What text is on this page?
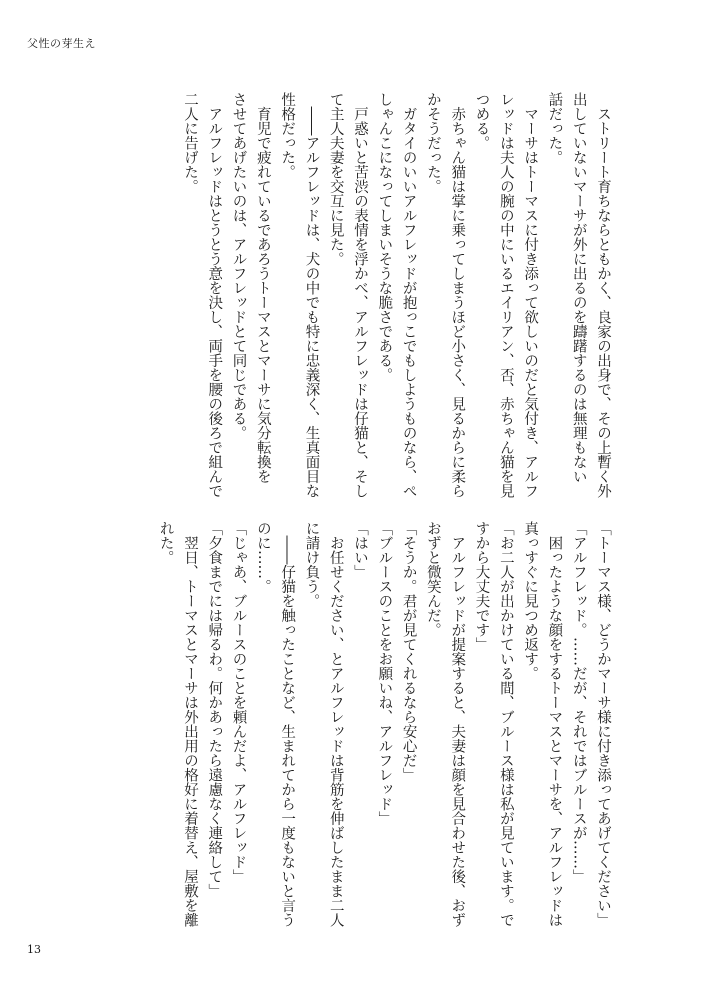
父性の芽生え
　ストリート育ちならともかく、良家の出身で、その上暫く外
出していないマーサが外に出るのを躊躇するのは無理もない
話だった。
　マーサはトーマスに付き添って欲しいのだと気付き、アルフ
レッドは夫人の腕の中にいるエイリアン、否、赤ちゃん猫を見
つめる。
　赤ちゃん猫は掌に乗ってしまうほど小さく、見るからに柔ら
かそうだった。
　ガタイのいいアルフレッドが抱っこでもしようものなら、ぺ
しゃんこになってしまいそうな脆さである。
　戸惑いと苦渋の表情を浮かべ、アルフレッドは仔猫と、そし
て主人夫妻を交互に見た。
　――アルフレッドは、犬の中でも特に忠義深く、生真面目な
性格だった。
　育児で疲れているであろうトーマスとマーサに気分転換を
させてあげたいのは、アルフレッドとて同じである。
　アルフレッドはとうとう意を決し、両手を腰の後ろで組んで
二人に告げた。
「トーマス様、どうかマーサ様に付き添ってあげてください」
「アルフレッド。……だが、それではブルースが……」
　困ったような顔をするトーマスとマーサを、アルフレッドは
真っすぐに見つめ返す。
「お二人が出かけている間、ブルース様は私が見ています。で
すから大丈夫です」
　アルフレッドが提案すると、夫妻は顔を見合わせた後、おず
おずと微笑んだ。
「そうか。君が見てくれるなら安心だ」
「ブルースのことをお願いね、アルフレッド」
「はい」
　お任せください、とアルフレッドは背筋を伸ばしたまま二人
に請け負う。
　――仔猫を触ったことなど、生まれてから一度もないと言う
のに……。
「じゃあ、ブルースのことを頼んだよ、アルフレッド」
「夕食までには帰るわ。何かあったら遠慮なく連絡して」
　翌日、トーマスとマーサは外出用の格好に着替え、屋敷を離
れた。
13
